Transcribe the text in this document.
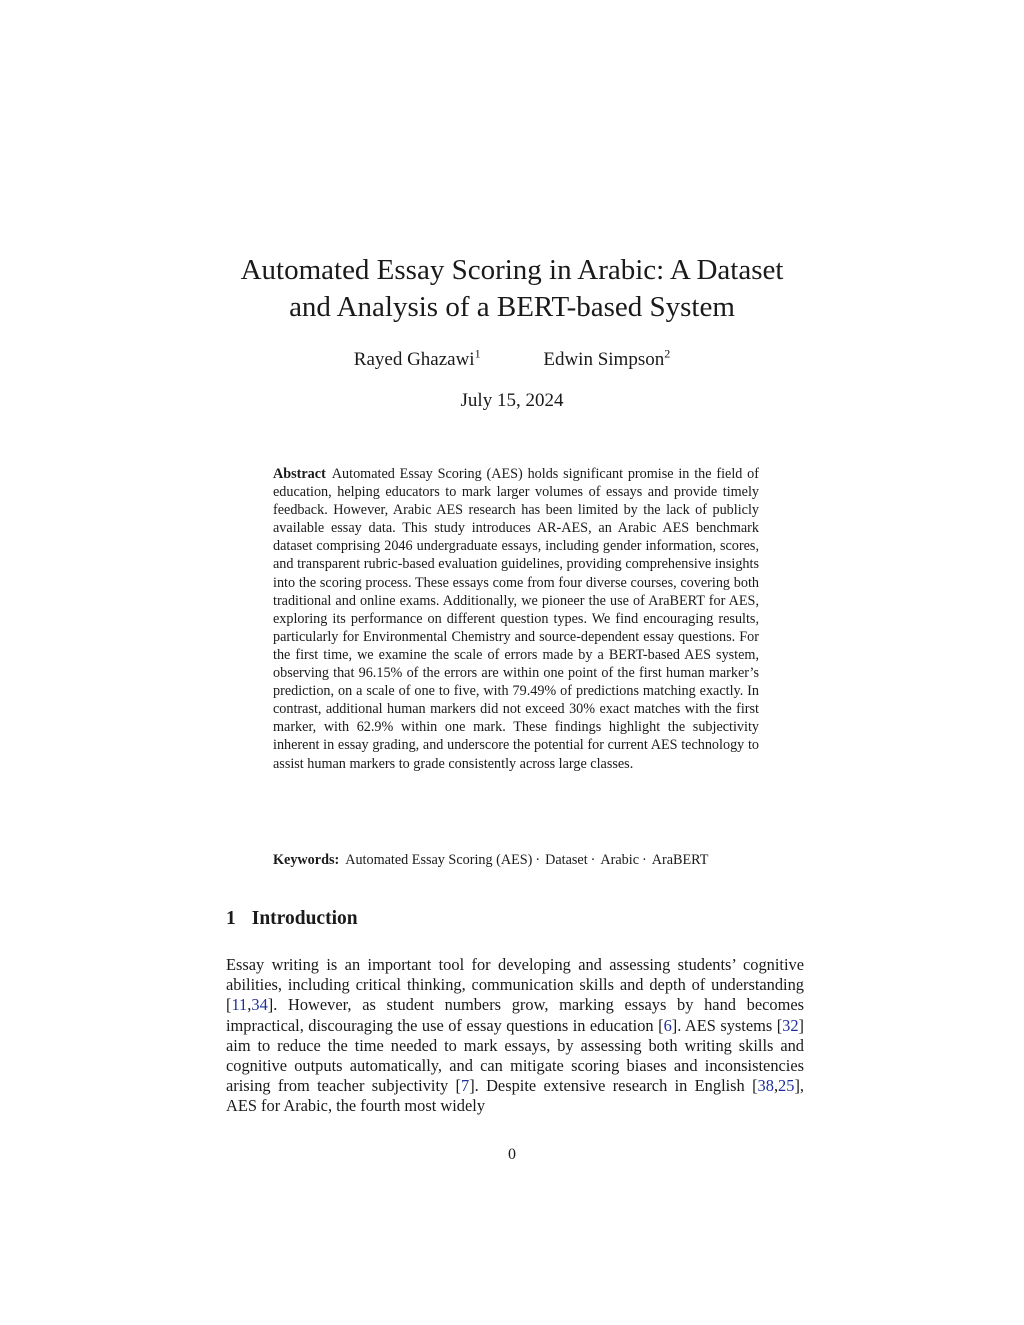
Automated Essay Scoring in Arabic: A Dataset
and Analysis of a BERT-based System
Rayed Ghazawi$^1$	Edwin Simpson$^2$
July 15, 2024
Abstract Automated Essay Scoring (AES) holds significant promise in the field of education, helping educators to mark larger volumes of essays and provide timely feedback. However, Arabic AES research has been limited by the lack of publicly available essay data. This study introduces AR-AES, an Arabic AES benchmark dataset comprising 2046 undergraduate essays, including gender information, scores, and transparent rubric-based evaluation guidelines, providing comprehensive insights into the scoring process. These essays come from four diverse courses, covering both traditional and online exams. Additionally, we pioneer the use of AraBERT for AES, exploring its performance on different question types. We find encouraging results, particularly for Environmental Chemistry and source-dependent essay questions. For the first time, we examine the scale of errors made by a BERT-based AES system, observing that 96.15% of the errors are within one point of the first human marker’s prediction, on a scale of one to five, with 79.49% of predictions matching exactly. In contrast, additional human markers did not exceed 30% exact matches with the first marker, with 62.9% within one mark. These findings highlight the subjectivity inherent in essay grading, and underscore the potential for current AES technology to assist human markers to grade consistently across large classes.
Keywords: Automated Essay Scoring (AES) · Dataset · Arabic · AraBERT
1 Introduction
Essay writing is an important tool for developing and assessing students’ cognitive abilities, including critical thinking, communication skills and depth of understanding [11,34]. However, as student numbers grow, marking essays by hand becomes impractical, discouraging the use of essay questions in education [6]. AES systems [32] aim to reduce the time needed to mark essays, by assessing both writing skills and cognitive outputs automatically, and can mitigate scoring biases and inconsistencies arising from teacher subjectivity [7]. Despite extensive research in English [38,25], AES for Arabic, the fourth most widely
0
